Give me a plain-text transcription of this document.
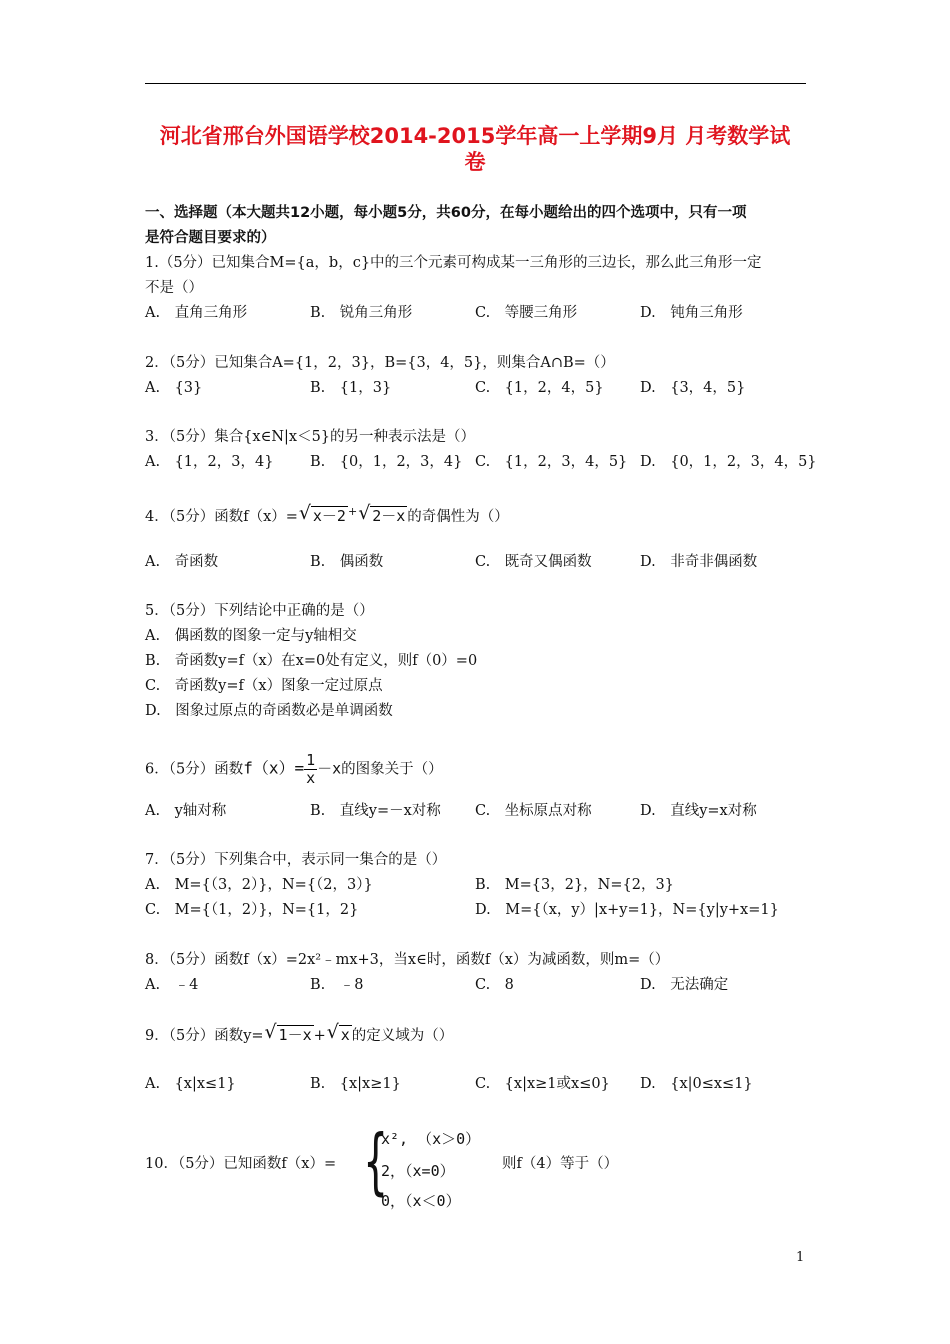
河北省邢台外国语学校2014-2015学年高一上学期9月 月考数学试
卷
一、选择题（本大题共12小题，每小题5分，共60分，在每小题给出的四个选项中，只有一项
是符合题目要求的）
1.（5分）已知集合M={a，b，c}中的三个元素可构成某一三角形的三边长，那么此三角形一定
不是（）
A.　直角三角形	B.　锐角三角形	C.　等腰三角形	D.　钝角三角形
2．（5分）已知集合A={1，2，3}，B={3，4，5}，则集合A∩B=（）
A.　{3}	B.　{1，3}	C.　{1，2，4，5}	D.　{3，4，5}
3．（5分）集合{x∈N|x＜5}的另一种表示法是（）
A.　{1，2，3，4}	B.　{0，1，2，3，4} C.　{1，2，3，4，5} D.　{0，1，2，3，4，5}
4．（5分）函数f（x）= √ x－2 + √ 2－x 的奇偶性为（）
A.　奇函数	B.　偶函数	C.　既奇又偶函数	D.　非奇非偶函数
5．（5分）下列结论中正确的是（）
A.　偶函数的图象一定与y轴相交
B.　奇函数y=f（x）在x=0处有定义，则f（0）=0
C.　奇函数y=f（x）图象一定过原点
D.　图象过原点的奇函数必是单调函数
6．（5分）函数$f(x)= \frac{1}{x} -x$的图象关于（）
A.　y轴对称	B.　直线y=－x对称 C.　坐标原点对称	D.　直线y=x对称
7．（5分）下列集合中，表示同一集合的是（）
A.　M={（3，2）}，N={（2，3）}	B.　M={3，2}，N={2，3}
C.　M={（1，2）}，N={1，2}	D.　M={（x，y）|x+y=1}，N={y|y+x=1}
8．（5分）函数f（x）=2x²﹣mx+3，当x∈时，函数f（x）为减函数，则m=（）
A.　﹣4	B.　﹣8	C.　8	D.　无法确定
9．（5分）函数y= √ 1－x + √ x 的定义域为（）
A.　{x|x≤1}	B.　{x|x≥1}	C.　{x|x≥1或x≤0} D.　{x|0≤x≤1}
10．（5分）已知函数f（x）= {
x², （x＞0）
2，（x=0）
0，（x＜0）
则f（4）等于（）
1
